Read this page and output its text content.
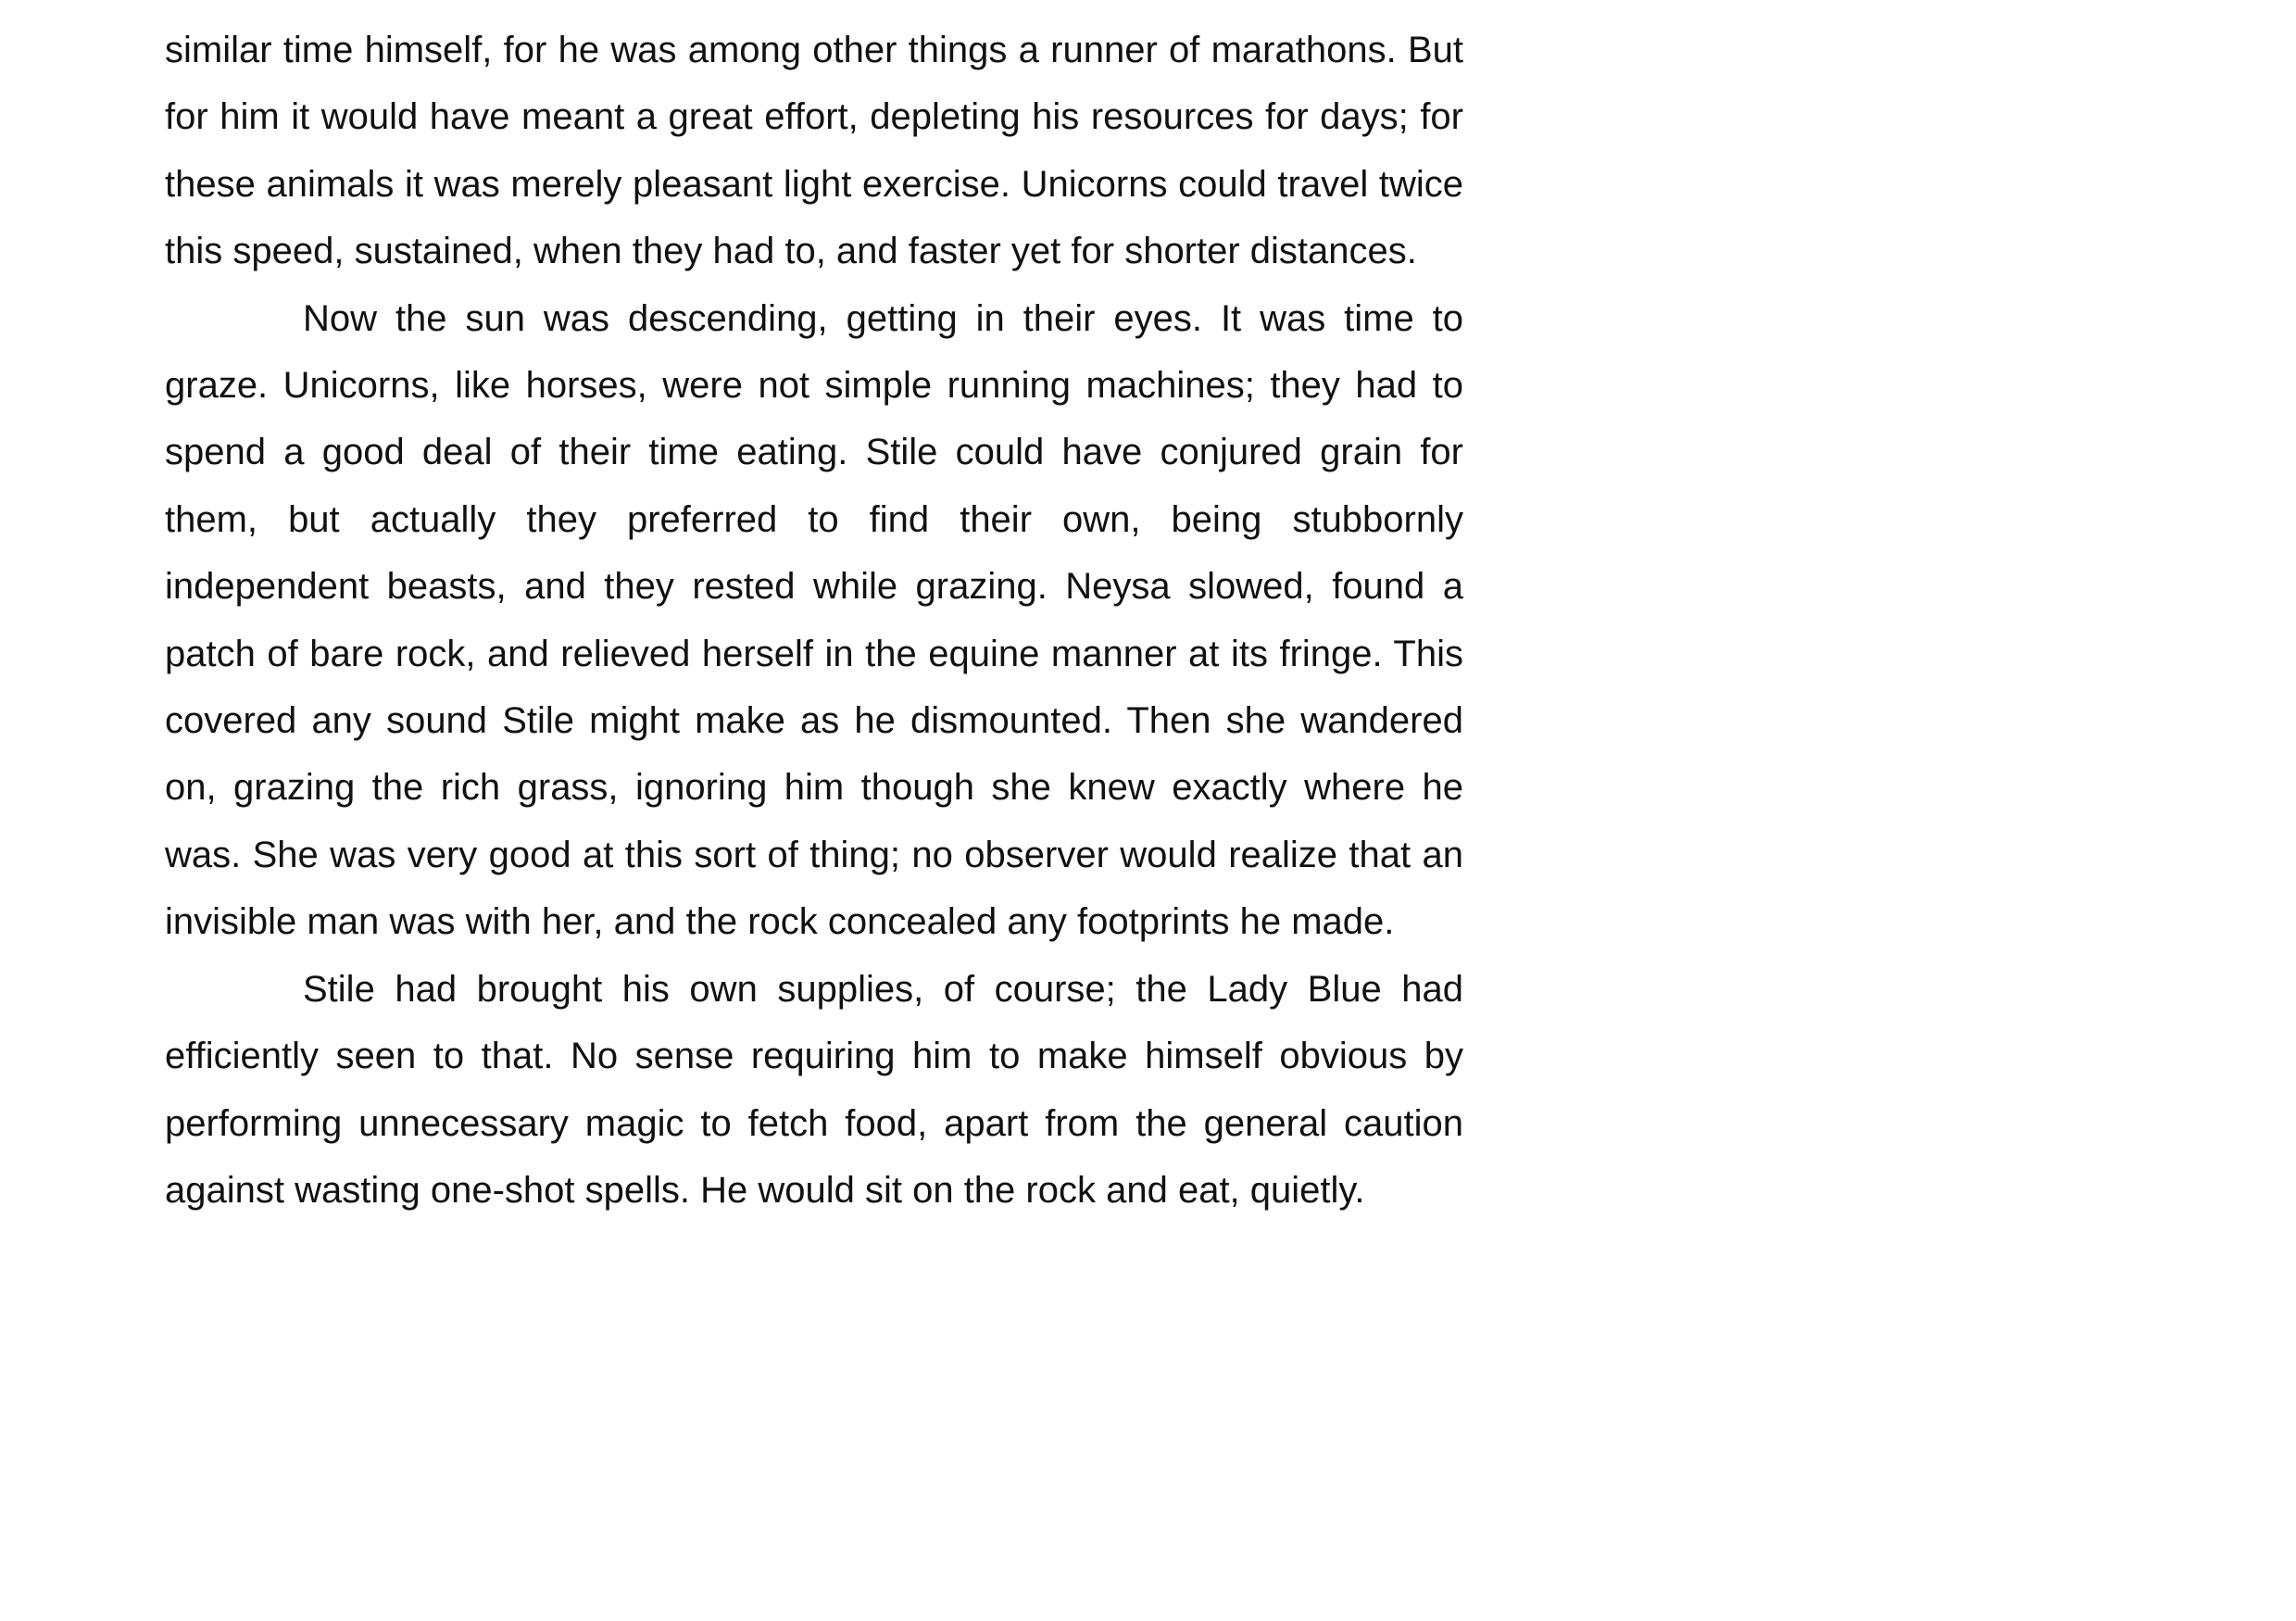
similar time himself, for he was among other things a runner of marathons. But for him it would have meant a great effort, depleting his resources for days; for these animals it was merely pleasant light exercise. Unicorns could travel twice this speed, sustained, when they had to, and faster yet for shorter distances.

Now the sun was descending, getting in their eyes. It was time to graze. Unicorns, like horses, were not simple running machines; they had to spend a good deal of their time eating. Stile could have conjured grain for them, but actually they preferred to find their own, being stubbornly independent beasts, and they rested while grazing. Neysa slowed, found a patch of bare rock, and relieved herself in the equine manner at its fringe. This covered any sound Stile might make as he dismounted. Then she wandered on, grazing the rich grass, ignoring him though she knew exactly where he was. She was very good at this sort of thing; no observer would realize that an invisible man was with her, and the rock concealed any footprints he made.

Stile had brought his own supplies, of course; the Lady Blue had efficiently seen to that. No sense requiring him to make himself obvious by performing unnecessary magic to fetch food, apart from the general caution against wasting one-shot spells. He would sit on the rock and eat, quietly.
